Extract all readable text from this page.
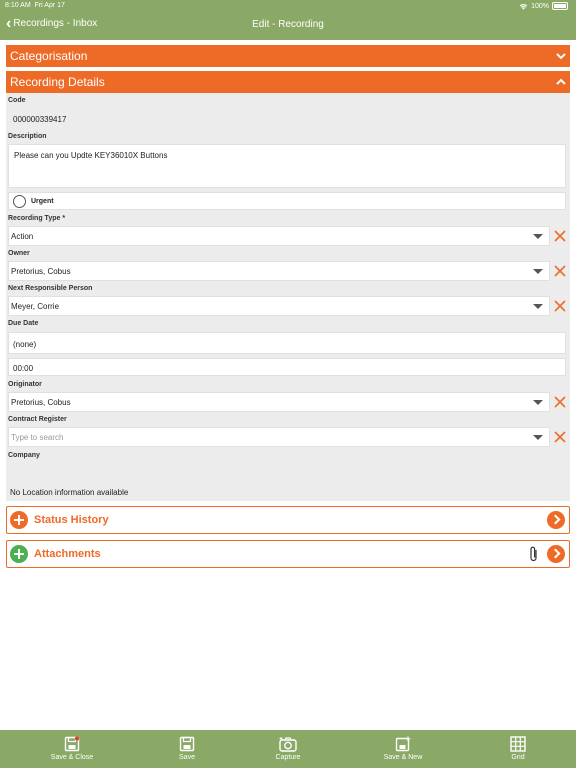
8:10 AM Fri Apr 17	100%
‹ Recordings - Inbox	Edit - Recording
Categorisation
Recording Details
Code
000000339417
Description
Please can you Updte KEY36010X Buttons
Urgent
Recording Type *
Action
Owner
Pretorius, Cobus
Next Responsible Person
Meyer, Corrie
Due Date
(none)
00:00
Originator
Pretorius, Cobus
Contract Register
Type to search
Company
No Location information available
Status History
Attachments
Save & Close	Save	Capture	Save & New	Grid
